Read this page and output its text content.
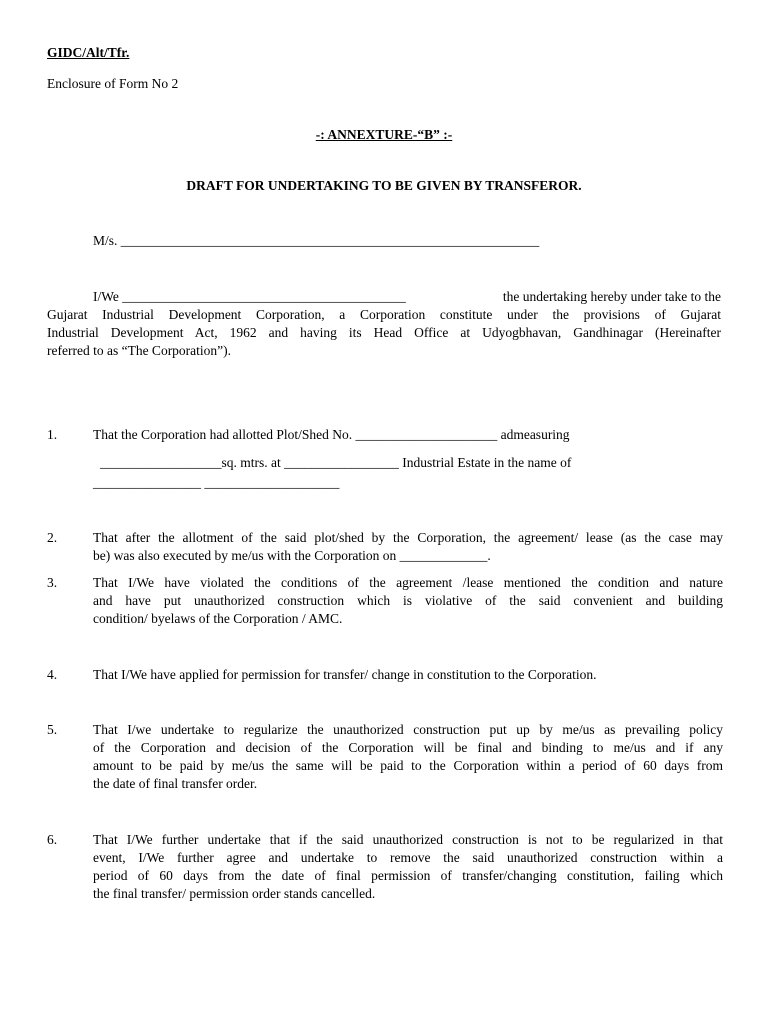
GIDC/Alt/Tfr.
Enclosure of Form No 2
-: ANNEXTURE-“B” :-
DRAFT FOR UNDERTAKING TO BE GIVEN BY TRANSFEROR.
M/s. ______________________________________________________________
I/We __________________________________________	the undertaking hereby under take to the
Gujarat Industrial Development Corporation, a Corporation constitute under the provisions of Gujarat
Industrial Development Act, 1962 and having its Head Office at Udyogbhavan, Gandhinagar (Hereinafter
referred to as “The Corporation”).
1.	That the Corporation had allotted Plot/Shed No. _____________________ admeasuring
__________________sq. mtrs. at _________________ Industrial Estate in the name of
________________ ____________________
2.	That after the allotment of the said plot/shed by the Corporation, the agreement/ lease (as the case may
be) was also executed by me/us with the Corporation on _____________.
3.	That I/We have violated the conditions of the agreement /lease mentioned the condition and nature
and have put unauthorized construction which is violative of the said convenient and building
condition/ byelaws of the Corporation / AMC.
4.	That I/We have applied for permission for transfer/ change in constitution to the Corporation.
5.	That I/we undertake to regularize the unauthorized construction put up by me/us as prevailing policy
of the Corporation and decision of the Corporation will be final and binding to me/us and if any
amount to be paid by me/us the same will be paid to the Corporation within a period of 60 days from
the date of final transfer order.
6.	That I/We further undertake that if the said unauthorized construction is not to be regularized in that
event, I/We further agree and undertake to remove the said unauthorized construction within a
period of 60 days from the date of final permission of transfer/changing constitution, failing which
the final transfer/ permission order stands cancelled.
